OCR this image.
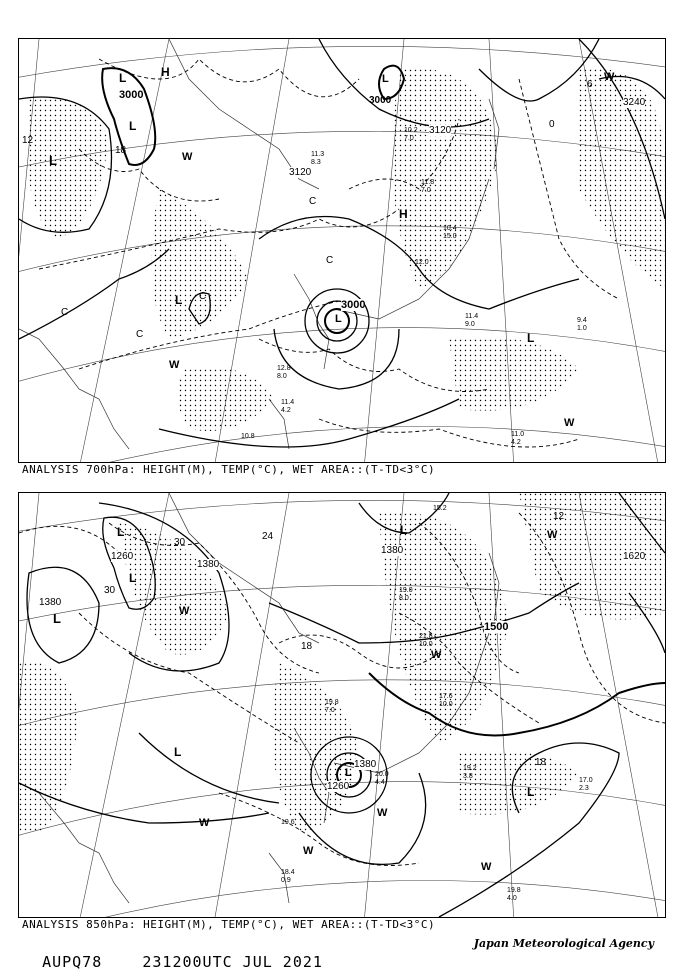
3000	3000
3000
3120
3120
3240
12
18
6
0
C
C
C
C
C
L
L
L
L
L
L
L
H
H
W
W
W
W
11.3
8.3
10.2
7.0
11.8
7.0
10.4
15.0
12.0
11.4
9.0
9.4
1.0
11.0
4.2
11.4
4.2
10.8
12.8
8.0
ANALYSIS 700hPa: HEIGHT(M), TEMP(°C), WET AREA::(T-TD<3°C)
1260
1380
1380
1380
1380
1500
1620
1260
30
24
18
18
12
30
L
L
L
L
L
L
L
W
W
W
W
W
W
W
19.0
8.0
21.8
10.0
19.2
3.8
17.0
2.3
19.8
4.0
19.6
18.4
0.9
19.8
7.0
17.6
10.0
20.0
4.4
15.2
ANALYSIS 850hPa: HEIGHT(M), TEMP(°C), WET AREA::(T-TD<3°C)

AUPQ78	231200UTC JUL 2021

Japan Meteorological Agency
